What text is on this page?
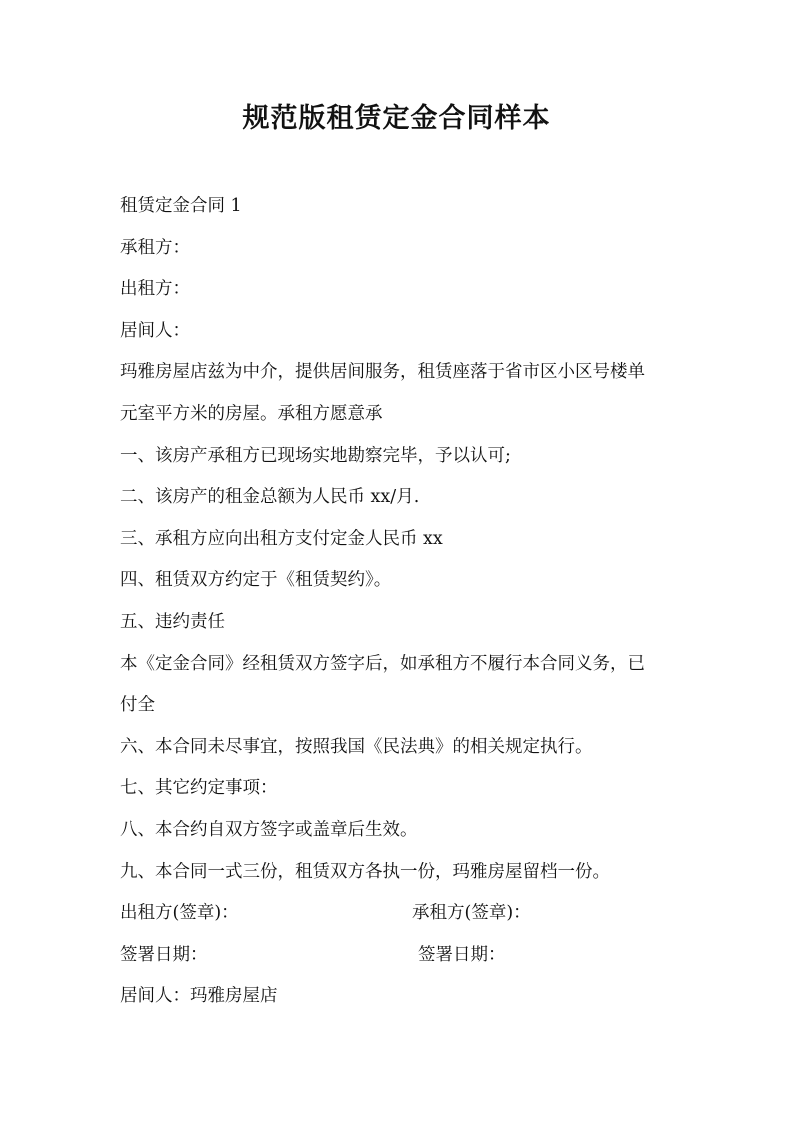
规范版租赁定金合同样本

租赁定金合同 1

承租方：

出租方：

居间人：

玛雅房屋店兹为中介，提供居间服务，租赁座落于省市区小区号楼单

元室平方米的房屋。承租方愿意承

一、该房产承租方已现场实地勘察完毕，予以认可;

二、该房产的租金总额为人民币 xx/月.

三、承租方应向出租方支付定金人民币 xx

四、租赁双方约定于《租赁契约》。

五、违约责任

本《定金合同》经租赁双方签字后，如承租方不履行本合同义务，已

付全

六、本合同未尽事宜，按照我国《民法典》的相关规定执行。

七、其它约定事项：

八、本合约自双方签字或盖章后生效。

九、本合同一式三份，租赁双方各执一份，玛雅房屋留档一份。

出租方(签章)：	承租方(签章)：
签署日期：	签署日期：

居间人：玛雅房屋店
